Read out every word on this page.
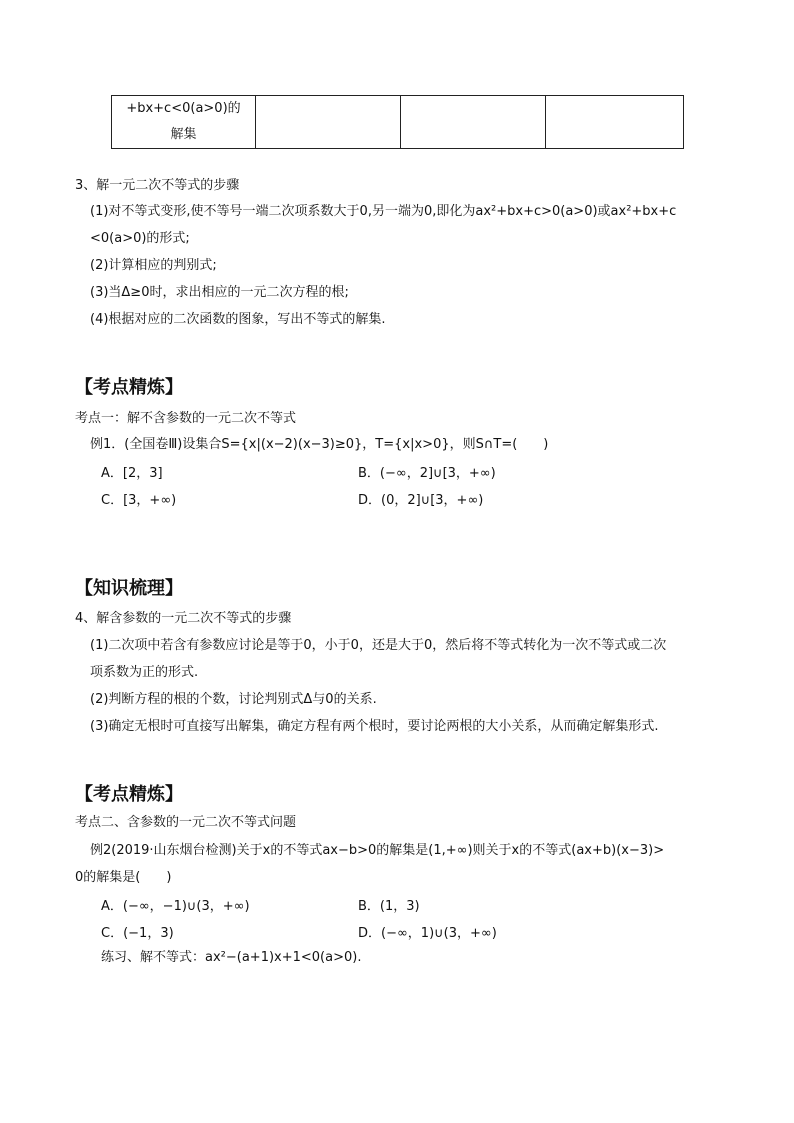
+bx+c<0(a>0)的
解集

3、解一元二次不等式的步骤
(1)对不等式变形,使不等号一端二次项系数大于0,另一端为0,即化为ax²+bx+c>0(a>0)或ax²+bx+c
<0(a>0)的形式;
(2)计算相应的判别式;
(3)当Δ≥0时，求出相应的一元二次方程的根;
(4)根据对应的二次函数的图象，写出不等式的解集.
【考点精炼】
考点一：解不含参数的一元二次不等式
例1．(全国卷Ⅲ)设集合S={x|(x−2)(x−3)≥0}，T={x|x>0}，则S∩T=(　　)
A．[2，3]	B．(−∞，2]∪[3，+∞)
C．[3，+∞)	D．(0，2]∪[3，+∞)
【知识梳理】
4、解含参数的一元二次不等式的步骤
(1)二次项中若含有参数应讨论是等于0，小于0，还是大于0，然后将不等式转化为一次不等式或二次
项系数为正的形式.
(2)判断方程的根的个数，讨论判别式Δ与0的关系.
(3)确定无根时可直接写出解集，确定方程有两个根时，要讨论两根的大小关系，从而确定解集形式.
【考点精炼】
考点二、含参数的一元二次不等式问题
例2(2019·山东烟台检测)关于x的不等式ax−b>0的解集是(1,+∞)则关于x的不等式(ax+b)(x−3)>
0的解集是(　　)
A．(−∞，−1)∪(3，+∞)	B．(1，3)
C．(−1，3)	D．(−∞，1)∪(3，+∞)
练习、解不等式：ax²−(a+1)x+1<0(a>0).
